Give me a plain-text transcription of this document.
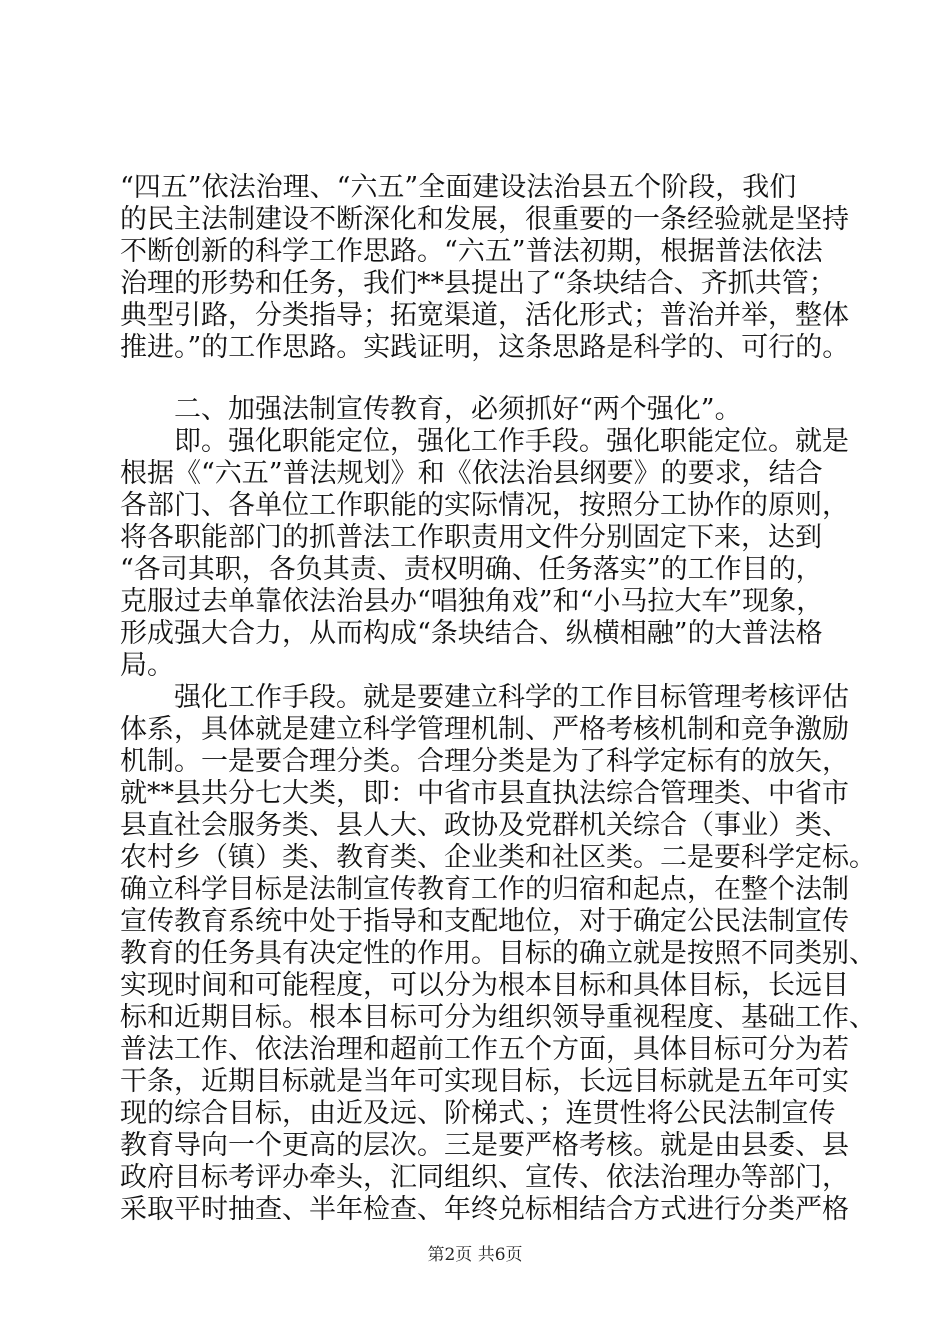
“四五”依法治理、“六五”全面建设法治县五个阶段，我们
的民主法制建设不断深化和发展，很重要的一条经验就是坚持
不断创新的科学工作思路。“六五”普法初期，根据普法依法
治理的形势和任务，我们**县提出了“条块结合、齐抓共管；
典型引路，分类指导；拓宽渠道，活化形式；普治并举，整体
推进。”的工作思路。实践证明，这条思路是科学的、可行的。
二、加强法制宣传教育，必须抓好“两个强化”。
即。强化职能定位，强化工作手段。强化职能定位。就是
根据《“六五”普法规划》和《依法治县纲要》的要求，结合
各部门、各单位工作职能的实际情况，按照分工协作的原则，
将各职能部门的抓普法工作职责用文件分别固定下来，达到
“各司其职，各负其责、责权明确、任务落实”的工作目的，
克服过去单靠依法治县办“唱独角戏”和“小马拉大车”现象，
形成强大合力，从而构成“条块结合、纵横相融”的大普法格
局。
强化工作手段。就是要建立科学的工作目标管理考核评估
体系，具体就是建立科学管理机制、严格考核机制和竞争激励
机制。一是要合理分类。合理分类是为了科学定标有的放矢，
就**县共分七大类，即：中省市县直执法综合管理类、中省市
县直社会服务类、县人大、政协及党群机关综合（事业）类、
农村乡（镇）类、教育类、企业类和社区类。二是要科学定标。
确立科学目标是法制宣传教育工作的归宿和起点，在整个法制
宣传教育系统中处于指导和支配地位，对于确定公民法制宣传
教育的任务具有决定性的作用。目标的确立就是按照不同类别、
实现时间和可能程度，可以分为根本目标和具体目标，长远目
标和近期目标。根本目标可分为组织领导重视程度、基础工作、
普法工作、依法治理和超前工作五个方面，具体目标可分为若
干条，近期目标就是当年可实现目标，长远目标就是五年可实
现的综合目标，由近及远、阶梯式、；连贯性将公民法制宣传
教育导向一个更高的层次。三是要严格考核。就是由县委、县
政府目标考评办牵头，汇同组织、宣传、依法治理办等部门，
采取平时抽查、半年检查、年终兑标相结合方式进行分类严格
第2页 共6页
